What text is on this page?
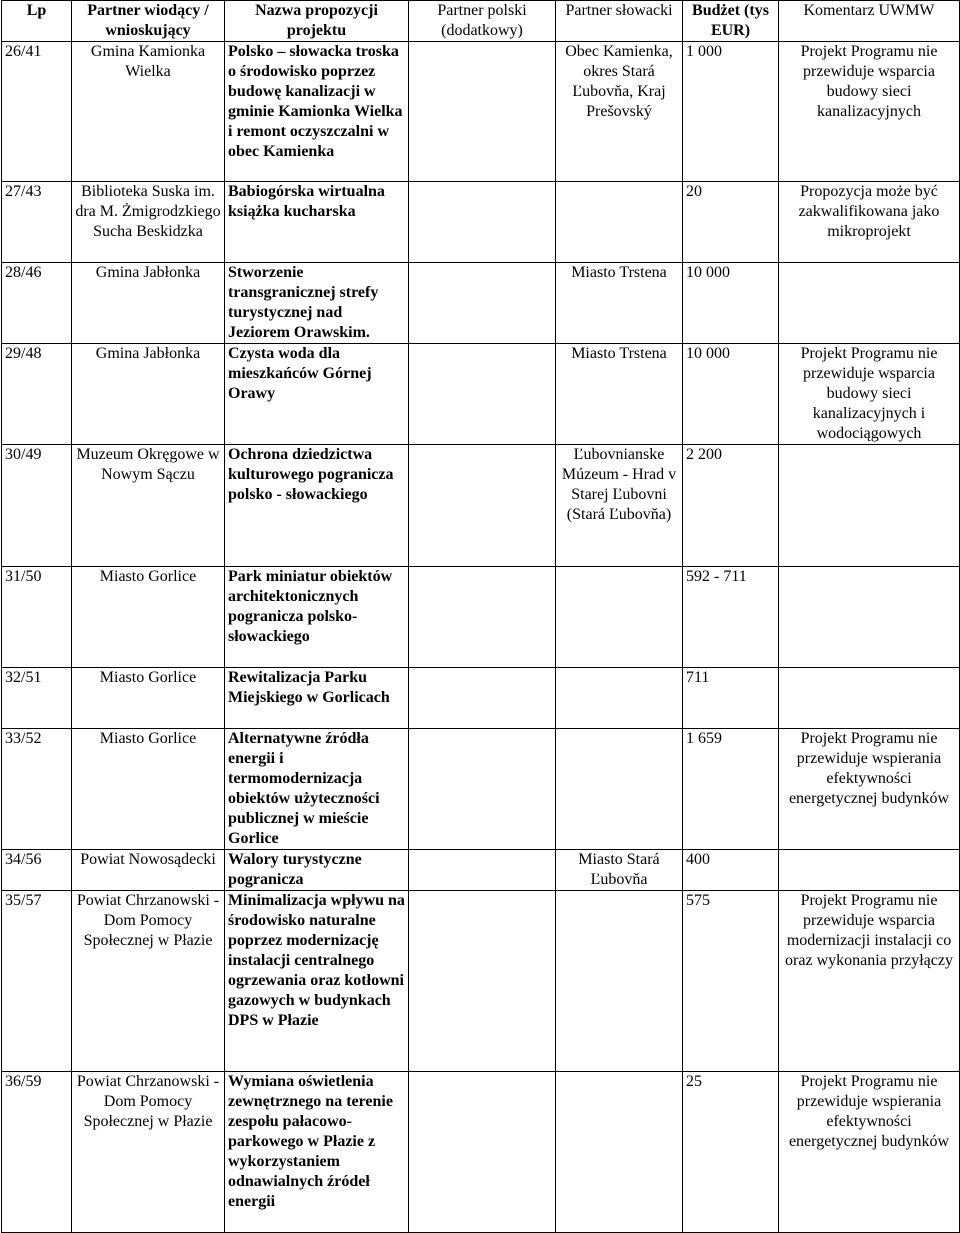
Lp	Partner wiodący / wnioskujący	Nazwa propozycji projektu	Partner polski (dodatkowy)	Partner słowacki	Budżet (tys EUR)	Komentarz UWMW
26/41	Gmina Kamionka Wielka	Polsko – słowacka troska o środowisko poprzez budowę kanalizacji w gminie Kamionka Wielka i remont oczyszczalni w obec Kamienka		Obec Kamienka, okres Stará Ľubovňa, Kraj Prešovský	1 000	Projekt Programu nie przewiduje wsparcia budowy sieci kanalizacyjnych
27/43	Biblioteka Suska im. dra M. Żmigrodzkiego Sucha Beskidzka	Babiogórska wirtualna książka kucharska			20	Propozycja może być zakwalifikowana jako mikroprojekt
28/46	Gmina Jabłonka	Stworzenie transgranicznej strefy turystycznej nad Jeziorem Orawskim.		Miasto Trstena	10 000	
29/48	Gmina Jabłonka	Czysta woda dla mieszkańców Górnej Orawy		Miasto Trstena	10 000	Projekt Programu nie przewiduje wsparcia budowy sieci kanalizacyjnych i wodociągowych
30/49	Muzeum Okręgowe w Nowym Sączu	Ochrona dziedzictwa kulturowego pogranicza polsko - słowackiego		Ľubovnianske Múzeum - Hrad v Starej Ľubovni (Stará Ľubovňa)	2 200	
31/50	Miasto Gorlice	Park miniatur obiektów architektonicznych pogranicza polsko-słowackiego			592 - 711	
32/51	Miasto Gorlice	Rewitalizacja Parku Miejskiego w Gorlicach			711	
33/52	Miasto Gorlice	Alternatywne źródła energii i termomodernizacja obiektów użyteczności publicznej w mieście Gorlice			1 659	Projekt Programu nie przewiduje wspierania efektywności energetycznej budynków
34/56	Powiat Nowosądecki	Walory turystyczne pogranicza		Miasto Stará Ľubovňa	400	
35/57	Powiat Chrzanowski - Dom Pomocy Społecznej w Płazie	Minimalizacja wpływu na środowisko naturalne poprzez modernizację instalacji centralnego ogrzewania oraz kotłowni gazowych w budynkach DPS w Płazie			575	Projekt Programu nie przewiduje wsparcia modernizacji instalacji co oraz wykonania przyłączy
36/59	Powiat Chrzanowski - Dom Pomocy Społecznej w Płazie	Wymiana oświetlenia zewnętrznego na terenie zespołu pałacowo-parkowego w Płazie z wykorzystaniem odnawialnych źródeł energii			25	Projekt Programu nie przewiduje wspierania efektywności energetycznej budynków
